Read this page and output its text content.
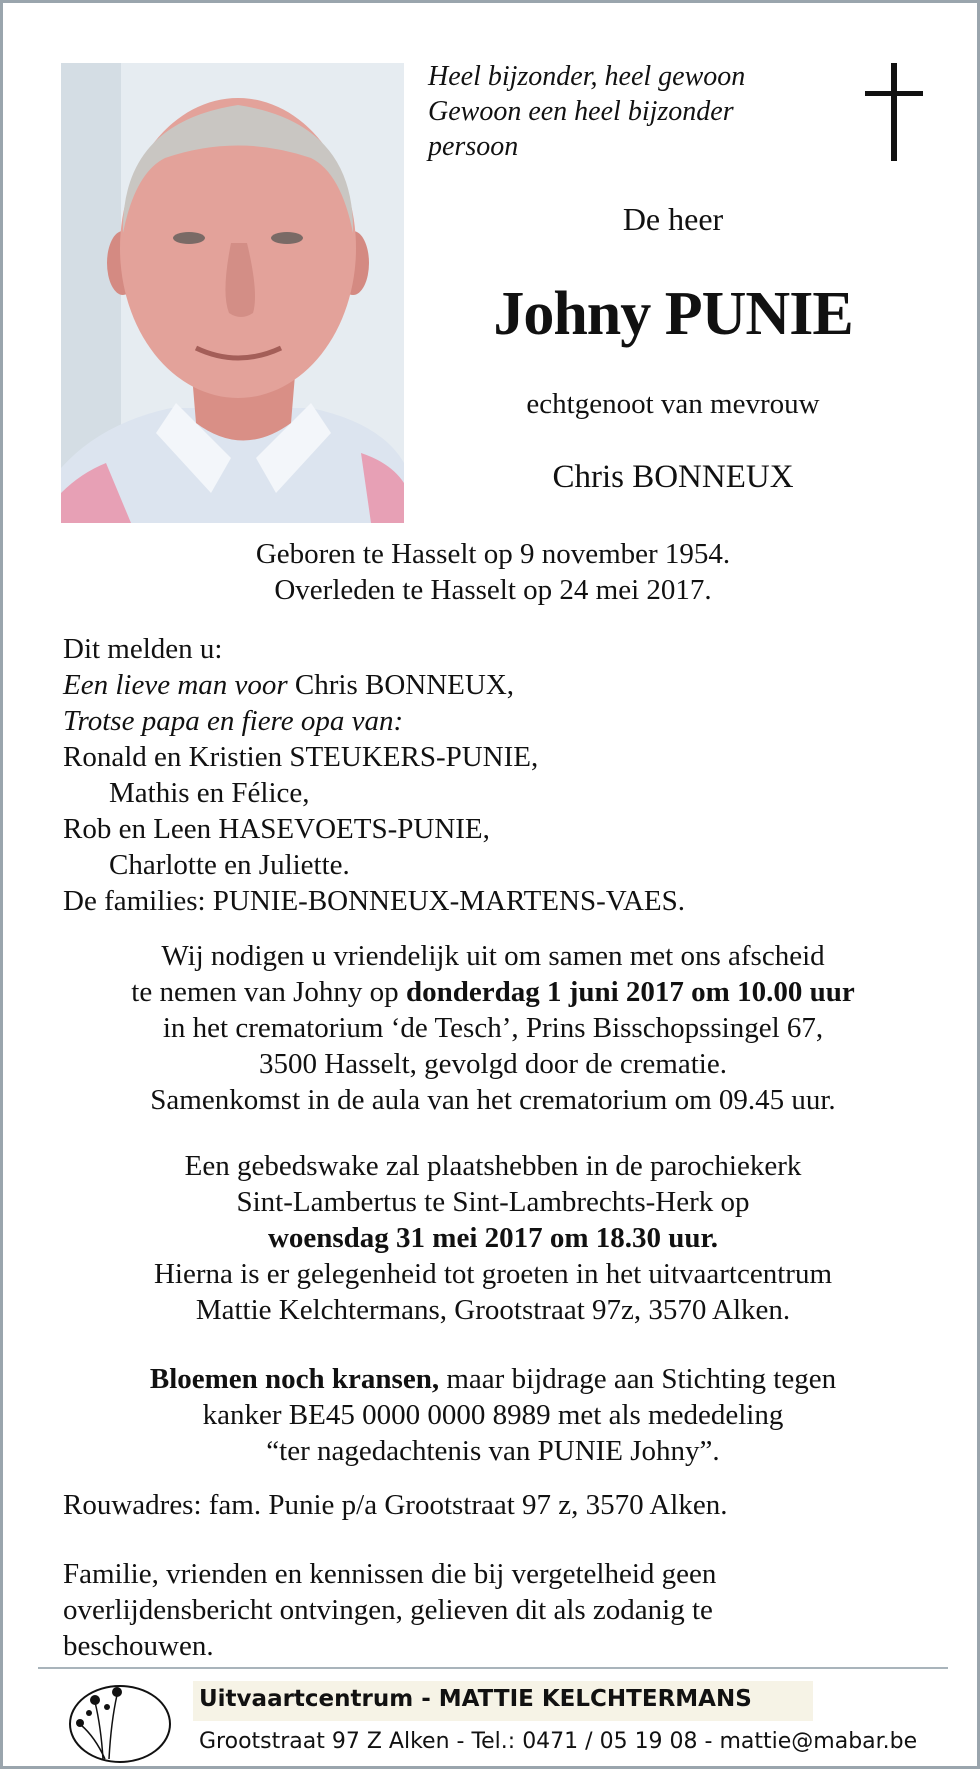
Heel bijzonder, heel gewoon
Gewoon een heel bijzonder
persoon
De heer
Johny PUNIE
echtgenoot van mevrouw
Chris BONNEUX
Geboren te Hasselt op 9 november 1954.
Overleden te Hasselt op 24 mei 2017.
Dit melden u:
Een lieve man voor Chris BONNEUX,
Trotse papa en fiere opa van:
Ronald en Kristien STEUKERS-PUNIE,
Mathis en Félice,
Rob en Leen HASEVOETS-PUNIE,
Charlotte en Juliette.
De families: PUNIE-BONNEUX-MARTENS-VAES.
Wij nodigen u vriendelijk uit om samen met ons afscheid
te nemen van Johny op donderdag 1 juni 2017 om 10.00 uur
in het crematorium ‘de Tesch’, Prins Bisschopssingel 67,
3500 Hasselt, gevolgd door de crematie.
Samenkomst in de aula van het crematorium om 09.45 uur.
Een gebedswake zal plaatshebben in de parochiekerk
Sint-Lambertus te Sint-Lambrechts-Herk op
woensdag 31 mei 2017 om 18.30 uur.
Hierna is er gelegenheid tot groeten in het uitvaartcentrum
Mattie Kelchtermans, Grootstraat 97z, 3570 Alken.
Bloemen noch kransen, maar bijdrage aan Stichting tegen
kanker BE45 0000 0000 8989 met als mededeling
“ter nagedachtenis van PUNIE Johny”.
Rouwadres: fam. Punie p/a Grootstraat 97 z, 3570 Alken.
Familie, vrienden en kennissen die bij vergetelheid geen
overlijdensbericht ontvingen, gelieven dit als zodanig te
beschouwen.
Uitvaartcentrum - MATTIE KELCHTERMANS
Grootstraat 97 Z Alken - Tel.: 0471 / 05 19 08 - mattie@mabar.be
